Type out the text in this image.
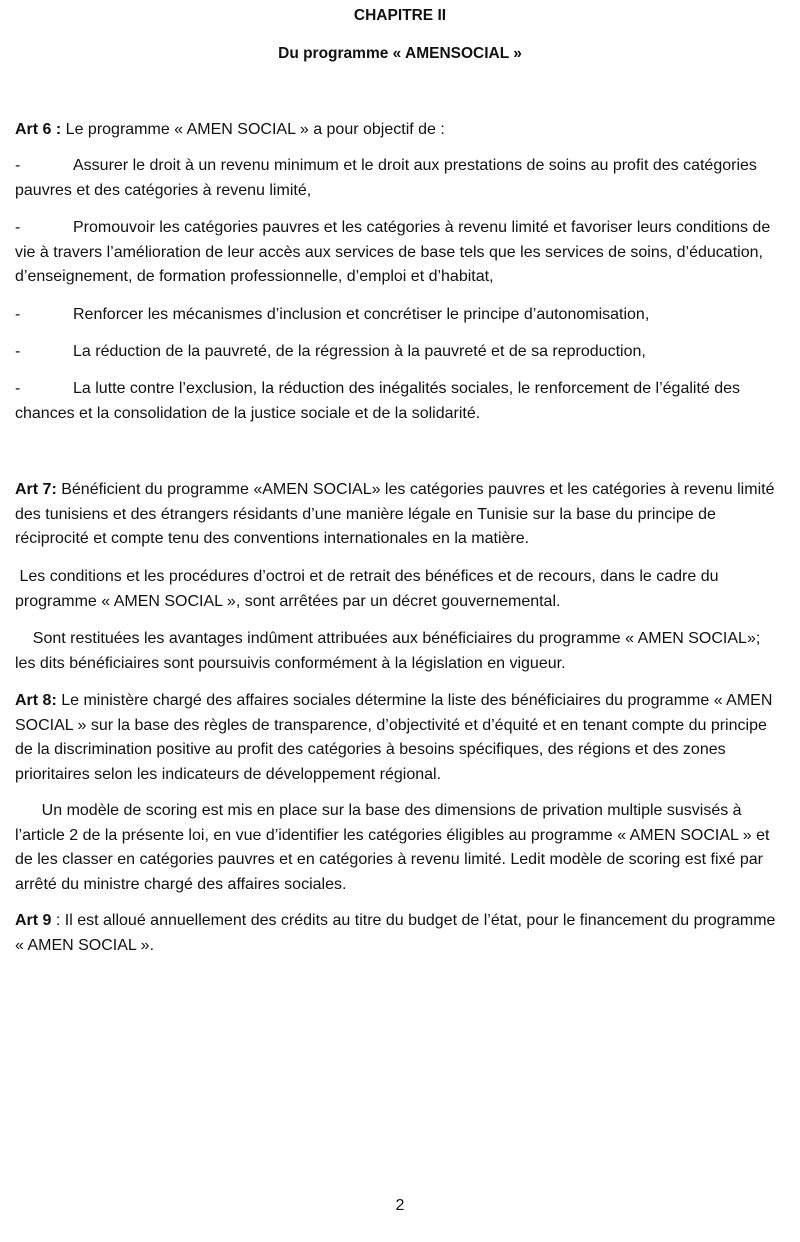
CHAPITRE II
Du programme « AMENSOCIAL »

Art 6 : Le programme « AMEN SOCIAL » a pour objectif de :

-	Assurer le droit à un revenu minimum et le droit aux prestations de soins au profit des catégories pauvres et des catégories à revenu limité,
-	Promouvoir les catégories pauvres et les catégories à revenu limité et favoriser leurs conditions de vie à travers l’amélioration de leur accès aux services de base tels que les services de soins, d’éducation, d’enseignement, de formation professionnelle, d’emploi et d’habitat,
-	Renforcer les mécanismes d’inclusion et concrétiser le principe d’autonomisation,
-	La réduction de la pauvreté, de la régression à la pauvreté et de sa reproduction,
-	La lutte contre l’exclusion, la réduction des inégalités sociales, le renforcement de l’égalité des chances et la consolidation de la justice sociale et de la solidarité.

Art 7: Bénéficient du programme «AMEN SOCIAL» les catégories pauvres et les catégories à revenu limité des tunisiens et des étrangers résidants d’une manière légale en Tunisie sur la base du principe de réciprocité et compte tenu des conventions internationales en la matière.

Les conditions et les procédures d’octroi et de retrait des bénéfices et de recours, dans le cadre du programme « AMEN SOCIAL », sont arrêtées par un décret gouvernemental.

Sont restituées les avantages indûment attribuées aux bénéficiaires du programme « AMEN SOCIAL»; les dits bénéficiaires sont poursuivis conformément à la législation en vigueur.

Art 8: Le ministère chargé des affaires sociales détermine la liste des bénéficiaires du programme « AMEN SOCIAL » sur la base des règles de transparence, d’objectivité et d’équité et en tenant compte du principe de la discrimination positive au profit des catégories à besoins spécifiques, des régions et des zones prioritaires selon les indicateurs de développement régional.

Un modèle de scoring est mis en place sur la base des dimensions de privation multiple susvisés à l’article 2 de la présente loi, en vue d’identifier les catégories éligibles au programme « AMEN SOCIAL » et de les classer en catégories pauvres et en catégories à revenu limité. Ledit modèle de scoring est fixé par arrêté du ministre chargé des affaires sociales.

Art 9 : Il est alloué annuellement des crédits au titre du budget de l’état, pour le financement du programme « AMEN SOCIAL ».

2
